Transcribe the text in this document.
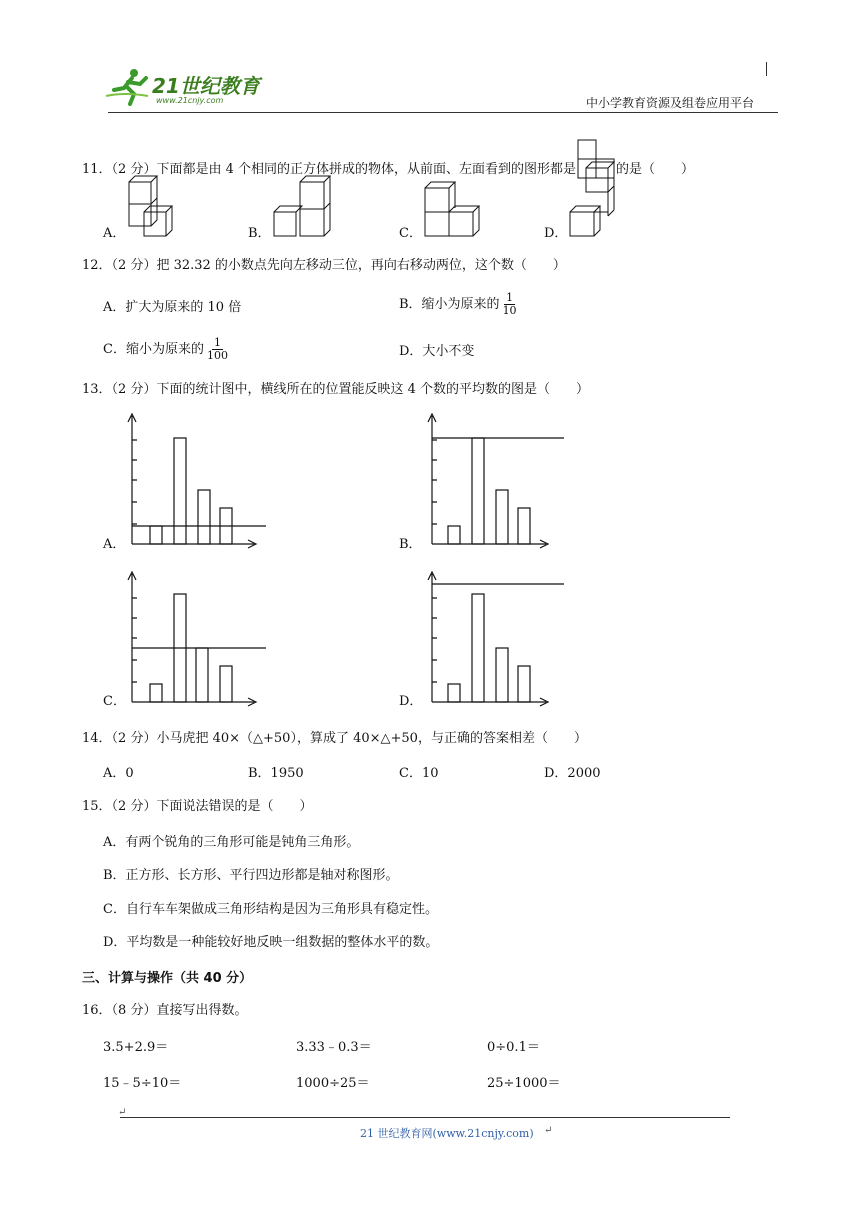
21世纪教育
www.21cnjy.com	中小学教育资源及组卷应用平台
11．（2 分）下面都是由 4 个相同的正方体拼成的物体，从前面、左面看到的图形都是	的是（　　）
A．	B．	C．	D．
12．（2 分）把 32.32 的小数点先向左移动三位，再向右移动两位，这个数（　　）
A．扩大为原来的 10 倍	B．缩小为原来的 $\frac{1}{10}$
C．缩小为原来的 $\frac{1}{100}$	D．大小不变
13．（2 分）下面的统计图中，横线所在的位置能反映这 4 个数的平均数的图是（　　）
A．	B．
C．	D．
14．（2 分）小马虎把 40×（△+50），算成了 40×△+50，与正确的答案相差（　　）
A．0	B．1950	C．10	D．2000
15．（2 分）下面说法错误的是（　　）
A．有两个锐角的三角形可能是钝角三角形。
B．正方形、长方形、平行四边形都是轴对称图形。
C．自行车车架做成三角形结构是因为三角形具有稳定性。
D．平均数是一种能较好地反映一组数据的整体水平的数。
三、计算与操作（共 40 分）
16．（8 分）直接写出得数。
3.5+2.9＝	3.33﹣0.3＝	0÷0.1＝
15﹣5÷10＝	1000÷25＝	25÷1000＝
↵
21 世纪教育网(www.21cnjy.com) ↵
